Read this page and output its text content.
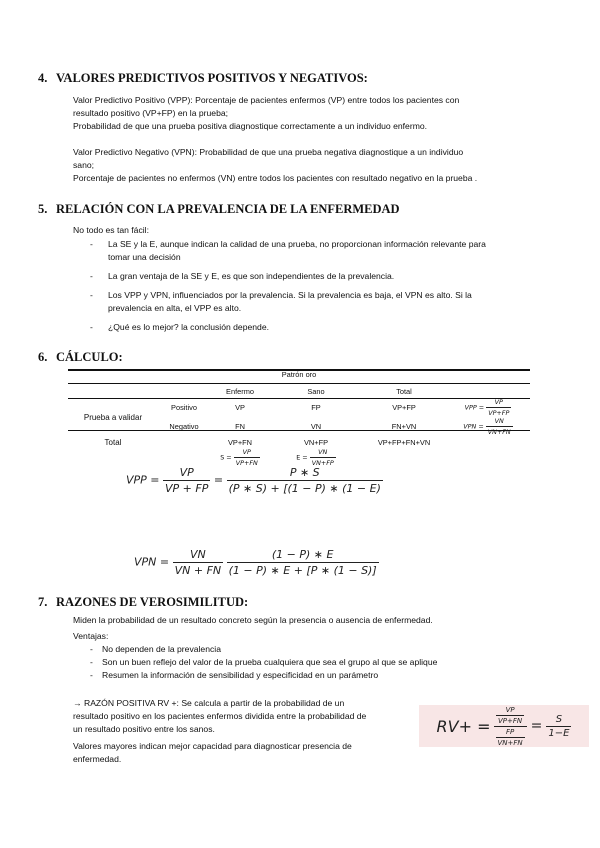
4. VALORES PREDICTIVOS POSITIVOS Y NEGATIVOS:
Valor Predictivo Positivo (VPP): Porcentaje de pacientes enfermos (VP) entre todos los pacientes con
resultado positivo (VP+FP) en la prueba;
Probabilidad de que una prueba positiva diagnostique correctamente a un individuo enfermo.
Valor Predictivo Negativo (VPN): Probabilidad de que una prueba negativa diagnostique a un individuo
sano;
Porcentaje de pacientes no enfermos (VN) entre todos los pacientes con resultado negativo en la prueba .
5. RELACIÓN CON LA PREVALENCIA DE LA ENFERMEDAD
No todo es tan fácil:
- La SE y la E, aunque indican la calidad de una prueba, no proporcionan información relevante para
tomar una decisión
- La gran ventaja de la SE y E, es que son independientes de la prevalencia.
- Los VPP y VPN, influenciados por la prevalencia. Si la prevalencia es baja, el VPN es alto. Si la
prevalencia en alta, el VPP es alto.
- ¿Qué es lo mejor? la conclusión depende.
6. CÁLCULO:
Patrón oro
		Enfermo	Sano	Total	
Prueba a validar	Positivo	VP	FP	VP+FP	VPP = $\frac{VP}{VP+FP}$

	Negativo	FN	VN	FN+VN	VPN = $\frac{VN}{VN+FN}$

Total		VP+FN	VN+FP	VP+FP+FN+VN	
		$S = \frac{VP}{VP+FN}$	$E = \frac{VN}{VN+FP}$

VPP = $\frac{VP}{VP + FP} = \frac{P ∗ S}{(P ∗ S) + [(1 - P) ∗ (1 - E)}$
VPN = $\frac{VN}{VN + FN}$
$\frac{(1 - P) ∗ E}{(1 - P) ∗ E + [P ∗ (1 - S)]}$
7. RAZONES DE VEROSIMILITUD:
Miden la probabilidad de un resultado concreto según la presencia o ausencia de enfermedad.
Ventajas:
- No dependen de la prevalencia
- Son un buen reflejo del valor de la prueba cualquiera que sea el grupo al que se aplique
- Resumen la información de sensibilidad y especificidad en un parámetro
→ RAZÓN POSITIVA RV +: Se calcula a partir de la probabilidad de un
resultado positivo en los pacientes enfermos dividida entre la probabilidad de
un resultado positivo entre los sanos.
Valores mayores indican mejor capacidad para diagnosticar presencia de
enfermedad.
$RV+ = \frac{\frac{VP}{VP+FN}}{\frac{FP}{VN+FN}} = \frac{S}{1-E}$
